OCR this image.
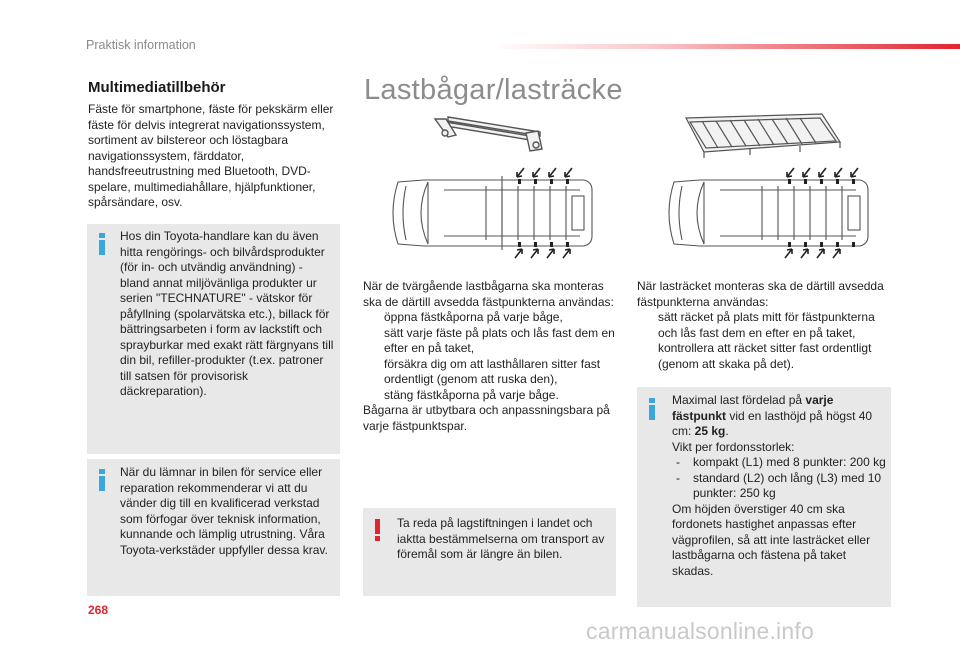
Praktisk information
Multimediatillbehör
Fäste för smartphone, fäste för pekskärm eller fäste för delvis integrerat navigationssystem, sortiment av bilstereor och löstagbara navigationssystem, färddator, handsfreeutrustning med Bluetooth, DVD-spelare, multimediahållare, hjälpfunktioner, spårsändare, osv.
Hos din Toyota-handlare kan du även hitta rengörings- och bilvårdsprodukter (för in- och utvändig användning) - bland annat miljövänliga produkter ur serien "TECHNATURE" - vätskor för påfyllning (spolarvätska etc.), billack för bättringsarbeten i form av lackstift och sprayburkar med exakt rätt färgnyans till din bil, refiller-produkter (t.ex. patroner till satsen för provisorisk däckreparation).
När du lämnar in bilen för service eller reparation rekommenderar vi att du vänder dig till en kvalificerad verkstad som förfogar över teknisk information, kunnande och lämplig utrustning. Våra Toyota-verkstäder uppfyller dessa krav.
Lastbågar/lasträcke
När de tvärgående lastbågarna ska monteras ska de därtill avsedda fästpunkterna användas:
öppna fästkåporna på varje båge,
sätt varje fäste på plats och lås fast dem en efter en på taket,
försäkra dig om att lasthållaren sitter fast ordentligt (genom att ruska den),
stäng fästkåporna på varje båge.
Bågarna är utbytbara och anpassningsbara på varje fästpunktspar.
Ta reda på lagstiftningen i landet och iaktta bestämmelserna om transport av föremål som är längre än bilen.
När lasträcket monteras ska de därtill avsedda fästpunkterna användas:
sätt räcket på plats mitt för fästpunkterna och lås fast dem en efter en på taket,
kontrollera att räcket sitter fast ordentligt (genom att skaka på det).
Maximal last fördelad på varje fästpunkt vid en lasthöjd på högst 40 cm: 25 kg.
Vikt per fordonsstorlek:
- kompakt (L1) med 8 punkter: 200 kg
- standard (L2) och lång (L3) med 10 punkter: 250 kg
Om höjden överstiger 40 cm ska fordonets hastighet anpassas efter vägprofilen, så att inte lasträcket eller lastbågarna och fästena på taket skadas.
268
carmanualsonline.info
